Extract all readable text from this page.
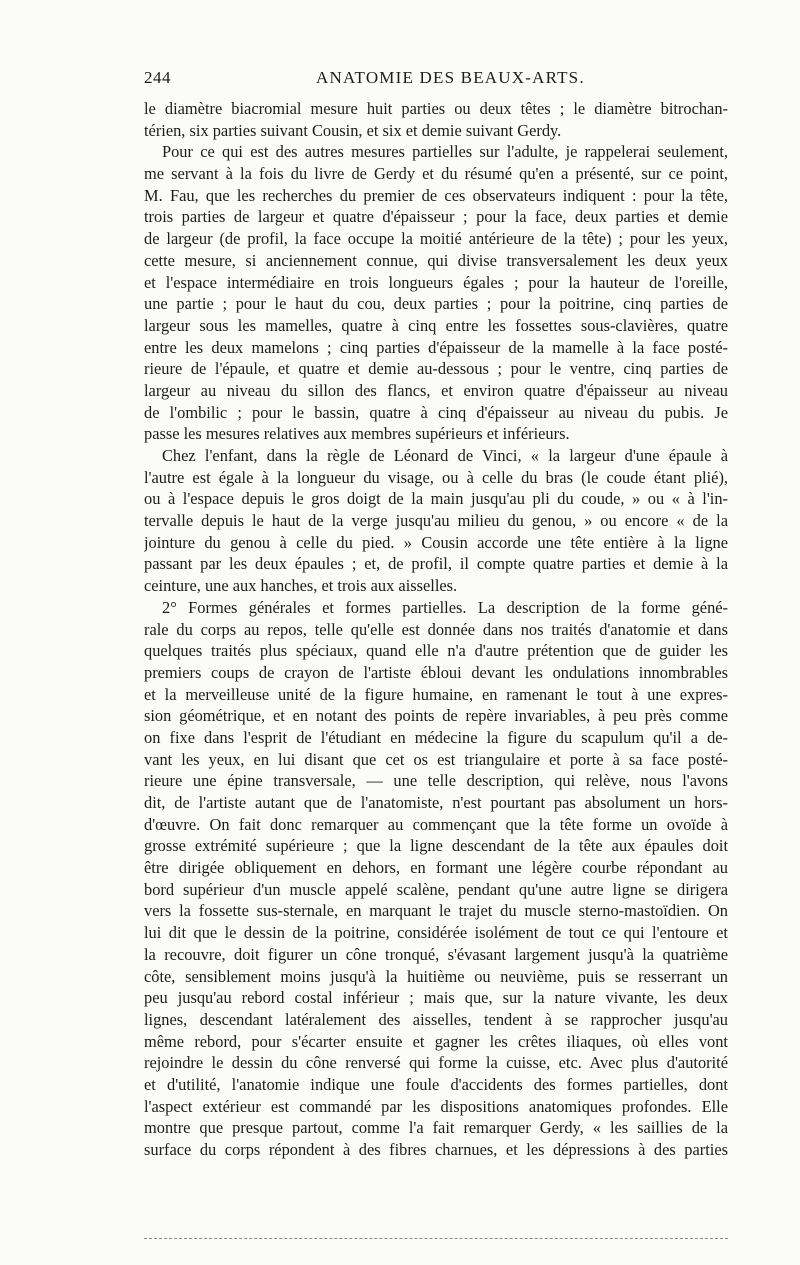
244	ANATOMIE DES BEAUX-ARTS.
le diamètre biacromial mesure huit parties ou deux têtes ; le diamètre bitrochan-
térien, six parties suivant Cousin, et six et demie suivant Gerdy.
Pour ce qui est des autres mesures partielles sur l'adulte, je rappelerai seulement,
me servant à la fois du livre de Gerdy et du résumé qu'en a présenté, sur ce point,
M. Fau, que les recherches du premier de ces observateurs indiquent : pour la tête,
trois parties de largeur et quatre d'épaisseur ; pour la face, deux parties et demie
de largeur (de profil, la face occupe la moitié antérieure de la tête) ; pour les yeux,
cette mesure, si anciennement connue, qui divise transversalement les deux yeux
et l'espace intermédiaire en trois longueurs égales ; pour la hauteur de l'oreille,
une partie ; pour le haut du cou, deux parties ; pour la poitrine, cinq parties de
largeur sous les mamelles, quatre à cinq entre les fossettes sous-clavières, quatre
entre les deux mamelons ; cinq parties d'épaisseur de la mamelle à la face posté-
rieure de l'épaule, et quatre et demie au-dessous ; pour le ventre, cinq parties de
largeur au niveau du sillon des flancs, et environ quatre d'épaisseur au niveau
de l'ombilic ; pour le bassin, quatre à cinq d'épaisseur au niveau du pubis. Je
passe les mesures relatives aux membres supérieurs et inférieurs.
Chez l'enfant, dans la règle de Léonard de Vinci, « la largeur d'une épaule à
l'autre est égale à la longueur du visage, ou à celle du bras (le coude étant plié),
ou à l'espace depuis le gros doigt de la main jusqu'au pli du coude, » ou « à l'in-
tervalle depuis le haut de la verge jusqu'au milieu du genou, » ou encore « de la
jointure du genou à celle du pied. » Cousin accorde une tête entière à la ligne
passant par les deux épaules ; et, de profil, il compte quatre parties et demie à la
ceinture, une aux hanches, et trois aux aisselles.
2° Formes générales et formes partielles. La description de la forme géné-
rale du corps au repos, telle qu'elle est donnée dans nos traités d'anatomie et dans
quelques traités plus spéciaux, quand elle n'a d'autre prétention que de guider les
premiers coups de crayon de l'artiste ébloui devant les ondulations innombrables
et la merveilleuse unité de la figure humaine, en ramenant le tout à une expres-
sion géométrique, et en notant des points de repère invariables, à peu près comme
on fixe dans l'esprit de l'étudiant en médecine la figure du scapulum qu'il a de-
vant les yeux, en lui disant que cet os est triangulaire et porte à sa face posté-
rieure une épine transversale, — une telle description, qui relève, nous l'avons
dit, de l'artiste autant que de l'anatomiste, n'est pourtant pas absolument un hors-
d'œuvre. On fait donc remarquer au commençant que la tête forme un ovoïde à
grosse extrémité supérieure ; que la ligne descendant de la tête aux épaules doit
être dirigée obliquement en dehors, en formant une légère courbe répondant au
bord supérieur d'un muscle appelé scalène, pendant qu'une autre ligne se dirigera
vers la fossette sus-sternale, en marquant le trajet du muscle sterno-mastoïdien. On
lui dit que le dessin de la poitrine, considérée isolément de tout ce qui l'entoure et
la recouvre, doit figurer un cône tronqué, s'évasant largement jusqu'à la quatrième
côte, sensiblement moins jusqu'à la huitième ou neuvième, puis se resserrant un
peu jusqu'au rebord costal inférieur ; mais que, sur la nature vivante, les deux
lignes, descendant latéralement des aisselles, tendent à se rapprocher jusqu'au
même rebord, pour s'écarter ensuite et gagner les crêtes iliaques, où elles vont
rejoindre le dessin du cône renversé qui forme la cuisse, etc. Avec plus d'autorité
et d'utilité, l'anatomie indique une foule d'accidents des formes partielles, dont
l'aspect extérieur est commandé par les dispositions anatomiques profondes. Elle
montre que presque partout, comme l'a fait remarquer Gerdy, « les saillies de la
surface du corps répondent à des fibres charnues, et les dépressions à des parties
